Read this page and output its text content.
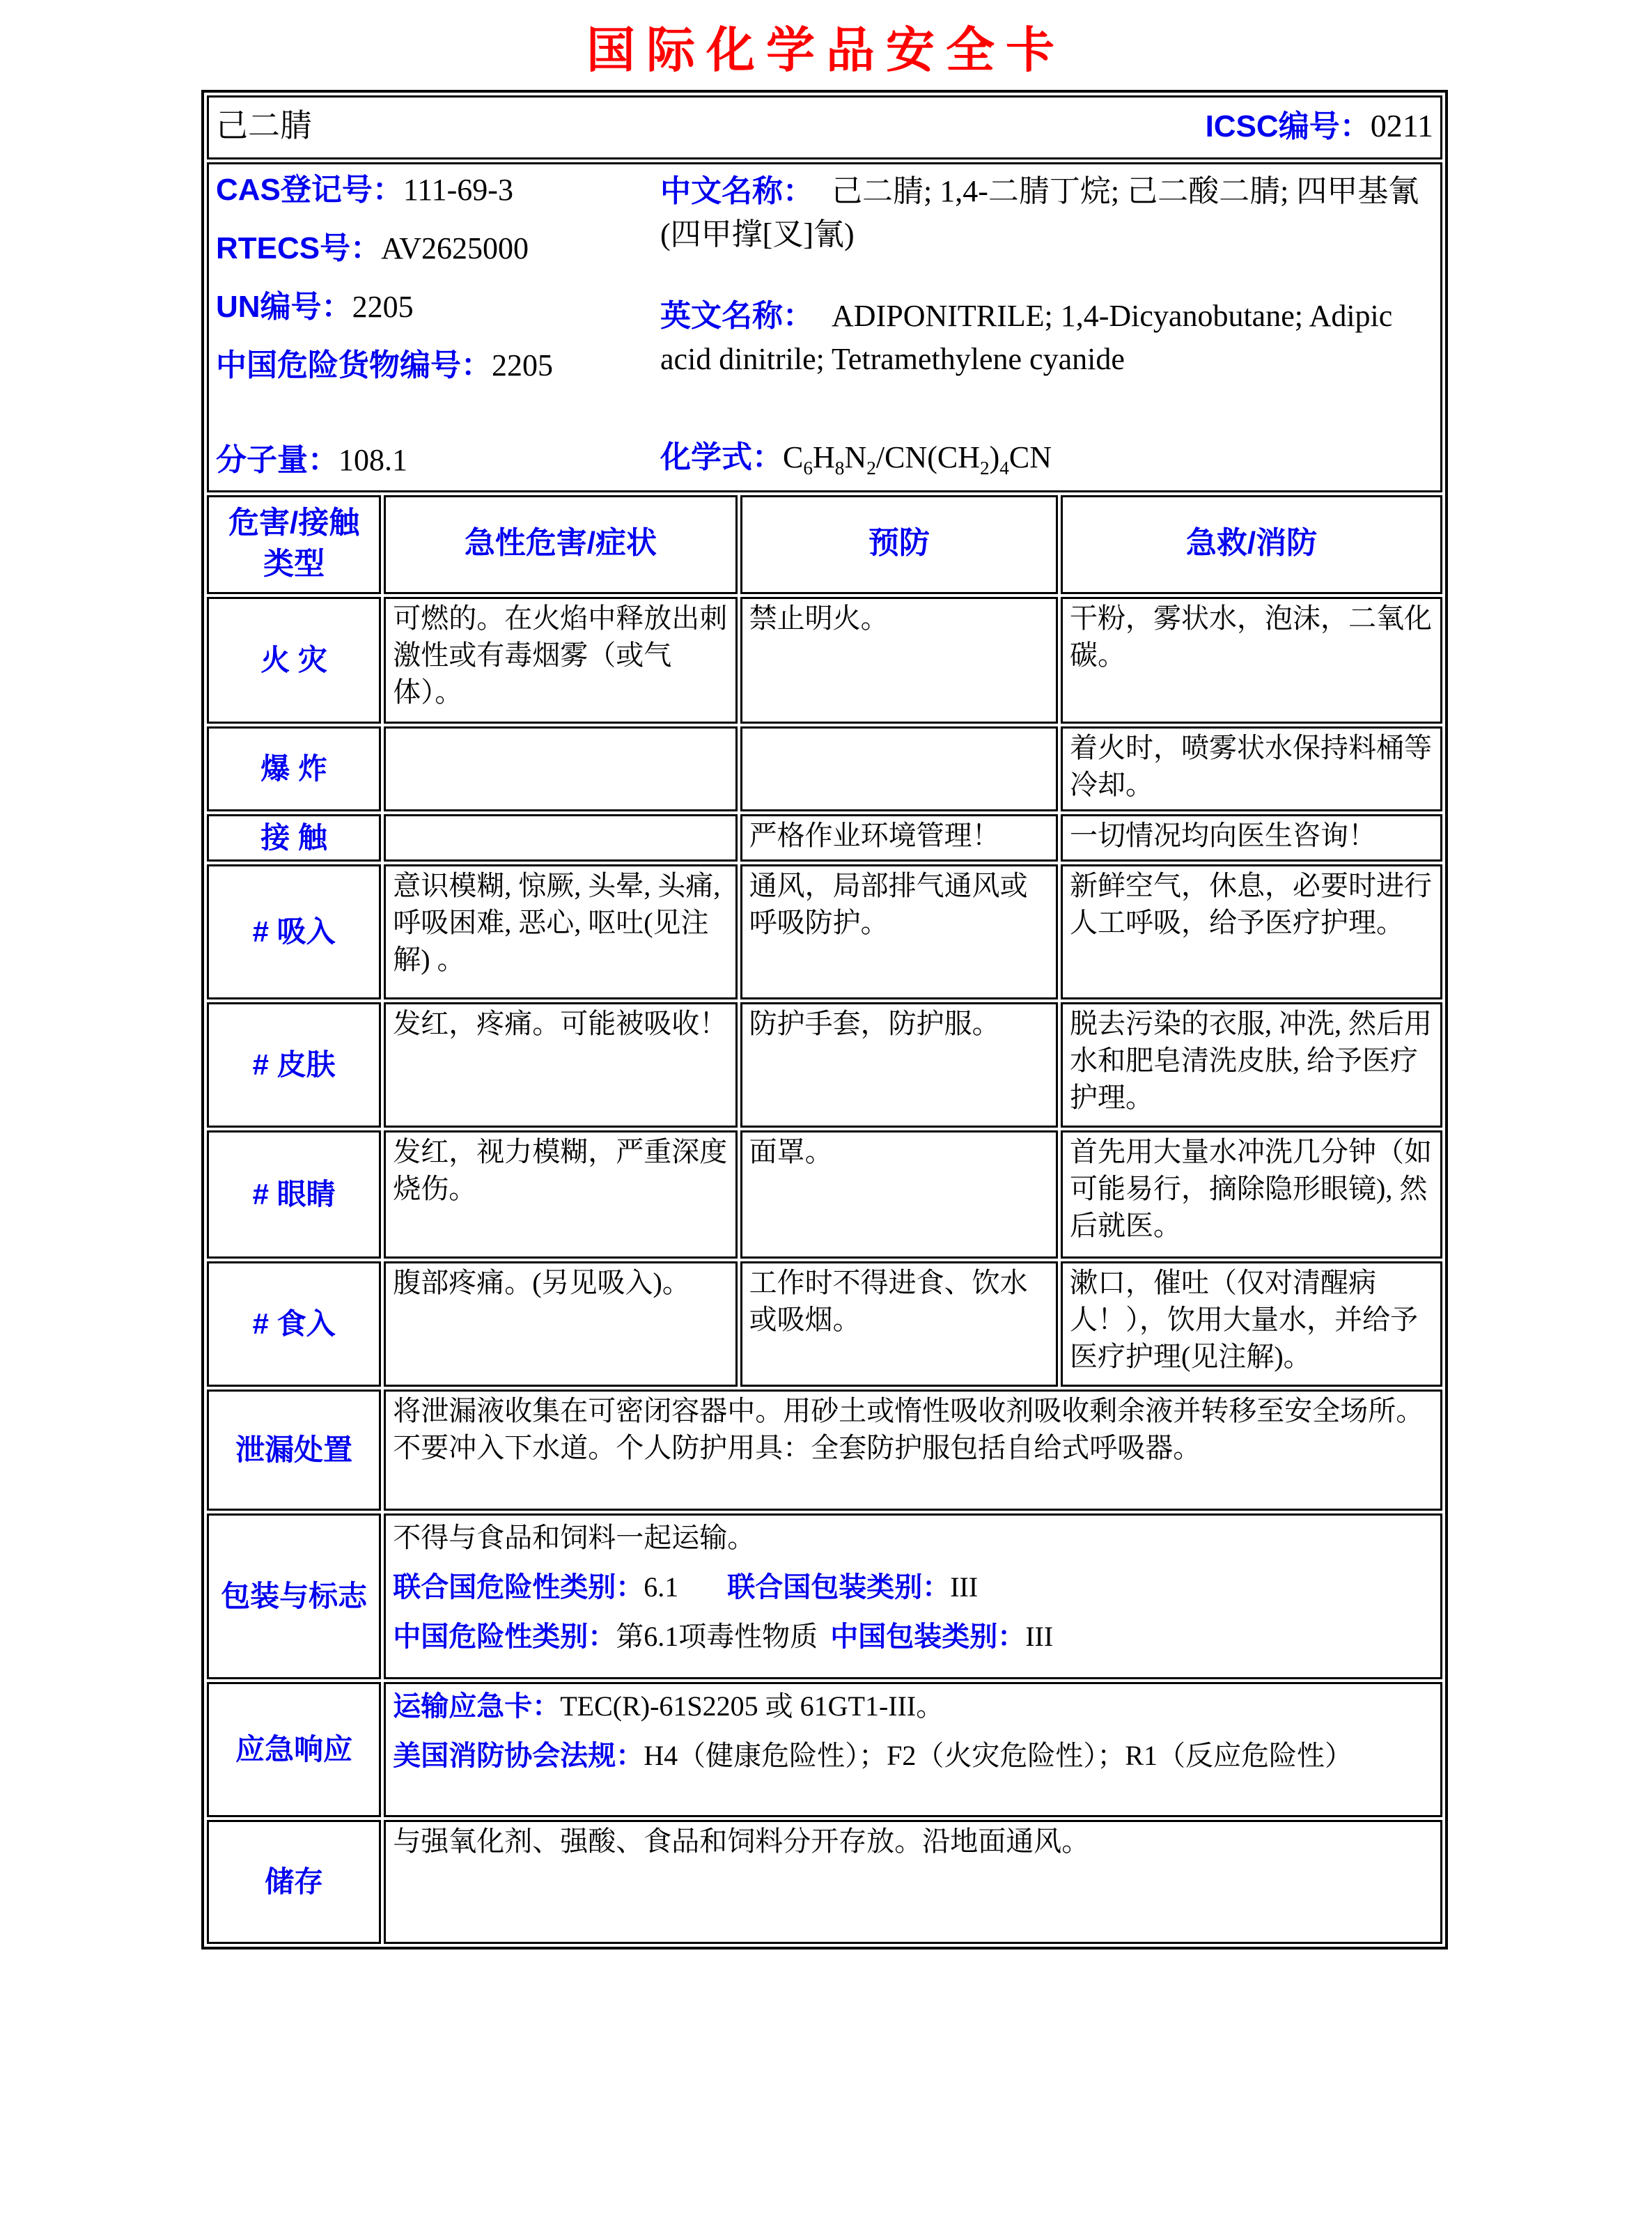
国际化学品安全卡
己二腈 ICSC编号：0211			

CAS登记号：111-69-3
RTECS号：AV2625000
UN编号：2205
中国危险货物编号：2205
分子量：108.1
中文名称： 己二腈; 1,4-二腈丁烷; 己二酸二腈; 四甲基氰(四甲撑[叉]氰)
英文名称： ADIPONITRILE; 1,4-Dicyanobutane; Adipic acid dinitrile; Tetramethylene cyanide
化学式：$C_6H_8N_2/CN(CH_2)_4CN$

危害/接触类型	急性危害/症状	预防	急救/消防
火 灾	可燃的。在火焰中释放出刺激性或有毒烟雾（或气体）。	禁止明火。	干粉，雾状水，泡沫，二氧化碳。
爆 炸			着火时，喷雾状水保持料桶等冷却。
接 触		严格作业环境管理！	一切情况均向医生咨询！
# 吸入	意识模糊, 惊厥, 头晕, 头痛, 呼吸困难, 恶心, 呕吐(见注解) 。	通风，局部排气通风或呼吸防护。	新鲜空气，休息，必要时进行人工呼吸，给予医疗护理。
# 皮肤	发红，疼痛。可能被吸收！	防护手套，防护服。	脱去污染的衣服, 冲洗, 然后用水和肥皂清洗皮肤, 给予医疗护理。
# 眼睛	发红，视力模糊，严重深度烧伤。	面罩。	首先用大量水冲洗几分钟（如可能易行，摘除隐形眼镜), 然后就医。
# 食入	腹部疼痛。(另见吸入)。	工作时不得进食、饮水或吸烟。	漱口，催吐（仅对清醒病人！），饮用大量水，并给予医疗护理(见注解)。
泄漏处置	将泄漏液收集在可密闭容器中。用砂土或惰性吸收剂吸收剩余液并转移至安全场所。不要冲入下水道。个人防护用具：全套防护服包括自给式呼吸器。		
包装与标志	不得与食品和饲料一起运输。
联合国危险性类别：6.1 联合国包装类别：III
中国危险性类别：第6.1项毒性物质 中国包装类别：III		

应急响应	运输应急卡：TEC(R)-61S2205 或 61GT1-III。
美国消防协会法规：H4（健康危险性）；F2（火灾危险性）；R1（反应危险性）		

储存	与强氧化剂、强酸、食品和饲料分开存放。沿地面通风。		
